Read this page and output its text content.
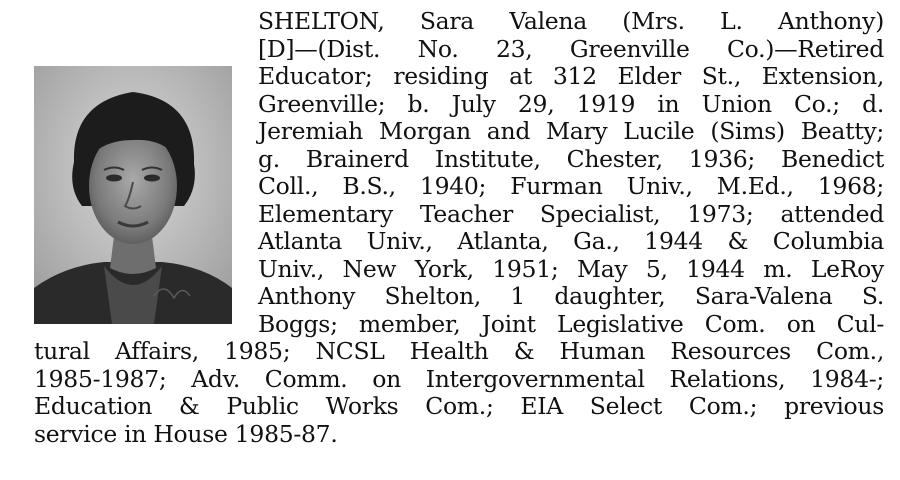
SHELTON, Sara Valena (Mrs. L. Anthony)
[D]—(Dist. No. 23, Greenville Co.)—Retired
Educator; residing at 312 Elder St., Extension,
Greenville; b. July 29, 1919 in Union Co.; d.
Jeremiah Morgan and Mary Lucile (Sims) Beatty;
g. Brainerd Institute, Chester, 1936; Benedict
Coll., B.S., 1940; Furman Univ., M.Ed., 1968;
Elementary Teacher Specialist, 1973; attended
Atlanta Univ., Atlanta, Ga., 1944 & Columbia
Univ., New York, 1951; May 5, 1944 m. LeRoy
Anthony Shelton, 1 daughter, Sara-Valena S.
Boggs; member, Joint Legislative Com. on Cul-
tural Affairs, 1985; NCSL Health & Human Resources Com.,
1985-1987; Adv. Comm. on Intergovernmental Relations, 1984-;
Education & Public Works Com.; EIA Select Com.; previous
service in House 1985-87.
